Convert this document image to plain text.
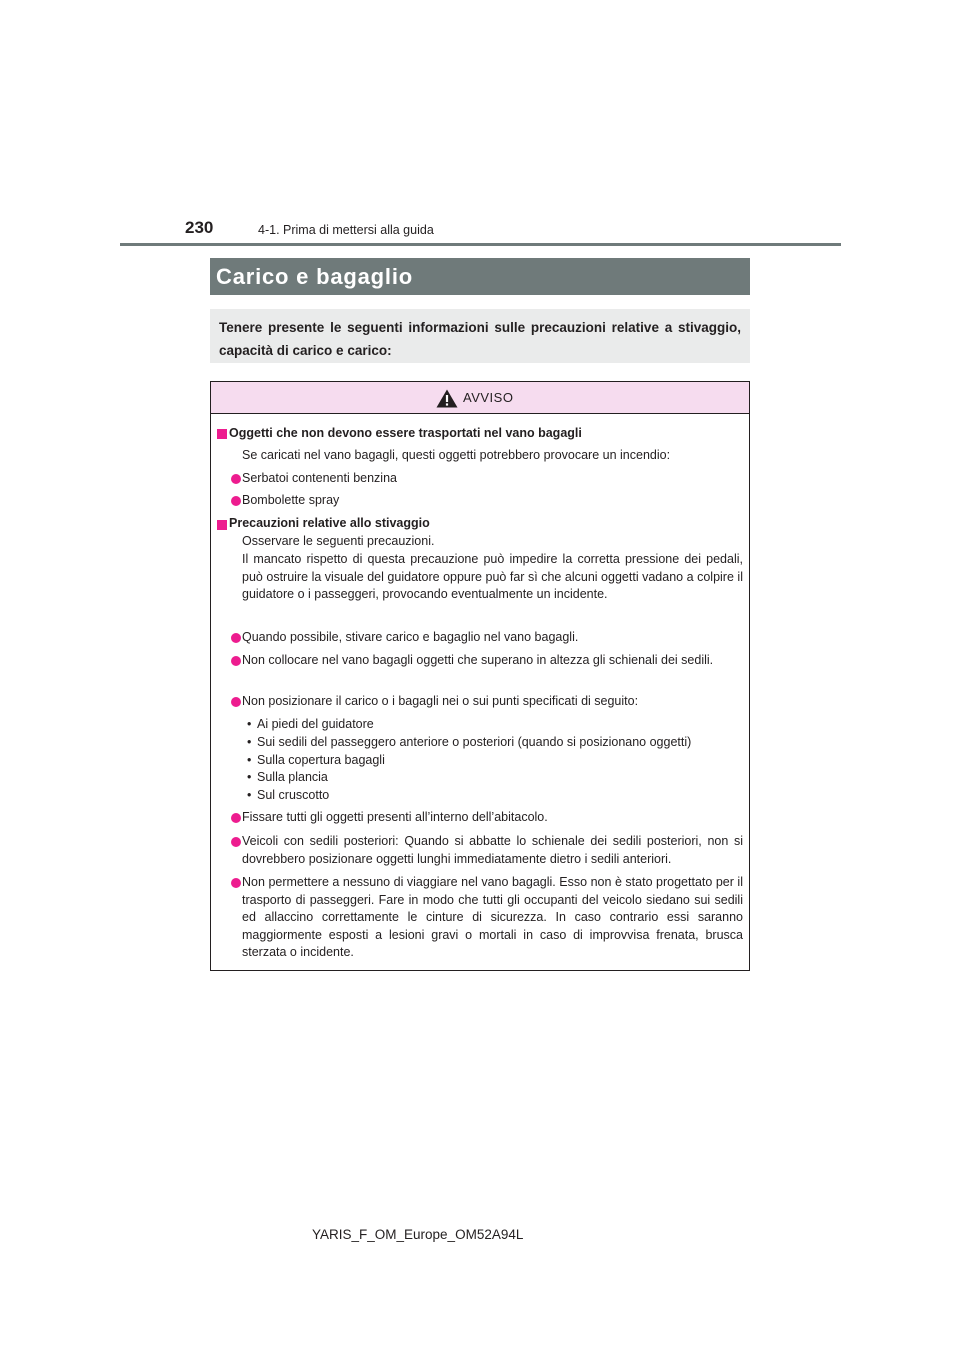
230	4-1. Prima di mettersi alla guida
Carico e bagaglio
Tenere presente le seguenti informazioni sulle precauzioni relative a stivaggio, capacità di carico e carico:
AVVISO
Oggetti che non devono essere trasportati nel vano bagagli
Se caricati nel vano bagagli, questi oggetti potrebbero provocare un incendio:
Serbatoi contenenti benzina
Bombolette spray
Precauzioni relative allo stivaggio
Osservare le seguenti precauzioni.
Il mancato rispetto di questa precauzione può impedire la corretta pressione dei pedali, può ostruire la visuale del guidatore oppure può far sì che alcuni oggetti vadano a colpire il guidatore o i passeggeri, provocando eventualmente un incidente.
Quando possibile, stivare carico e bagaglio nel vano bagagli.
Non collocare nel vano bagagli oggetti che superano in altezza gli schienali dei sedili.
Non posizionare il carico o i bagagli nei o sui punti specificati di seguito:
• Ai piedi del guidatore
• Sui sedili del passeggero anteriore o posteriori (quando si posizionano oggetti)
• Sulla copertura bagagli
• Sulla plancia
• Sul cruscotto
Fissare tutti gli oggetti presenti all’interno dell’abitacolo.
Veicoli con sedili posteriori: Quando si abbatte lo schienale dei sedili posteriori, non si dovrebbero posizionare oggetti lunghi immediatamente dietro i sedili anteriori.
Non permettere a nessuno di viaggiare nel vano bagagli. Esso non è stato progettato per il trasporto di passeggeri. Fare in modo che tutti gli occupanti del veicolo siedano sui sedili ed allaccino correttamente le cinture di sicurezza. In caso contrario essi saranno maggiormente esposti a lesioni gravi o mortali in caso di improvvisa frenata, brusca sterzata o incidente.
YARIS_F_OM_Europe_OM52A94L
